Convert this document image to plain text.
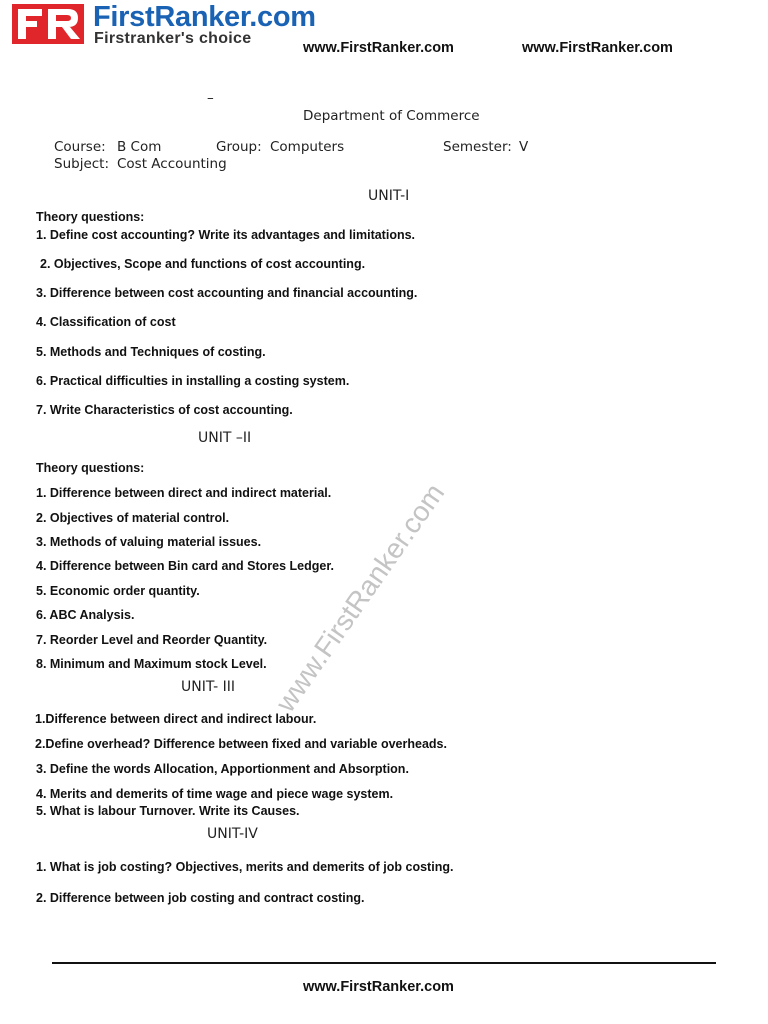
FirstRanker.com
Firstranker's choice
www.FirstRanker.com	www.FirstRanker.com
–
Department of Commerce
Course: B Com	Group: Computers	Semester: V
Subject: Cost Accounting
www.FirstRanker.com
UNIT-I
Theory questions:
1. Define cost accounting? Write its advantages and limitations.
2. Objectives, Scope and functions of cost accounting.
3. Difference between cost accounting and financial accounting.
4. Classification of cost
5. Methods and Techniques of costing.
6. Practical difficulties in installing a costing system.
7. Write Characteristics of cost accounting.
UNIT –II
Theory questions:
1. Difference between direct and indirect material.
2. Objectives of material control.
3. Methods of valuing material issues.
4. Difference between Bin card and Stores Ledger.
5. Economic order quantity.
6. ABC Analysis.
7. Reorder Level and Reorder Quantity.
8. Minimum and Maximum stock Level.
UNIT- III
1.Difference between direct and indirect labour.
2.Define overhead? Difference between fixed and variable overheads.
3. Define the words Allocation, Apportionment and Absorption.
4. Merits and demerits of time wage and piece wage system.
5. What is labour Turnover. Write its Causes.
UNIT-IV
1. What is job costing? Objectives, merits and demerits of job costing.
2. Difference between job costing and contract costing.
www.FirstRanker.com
